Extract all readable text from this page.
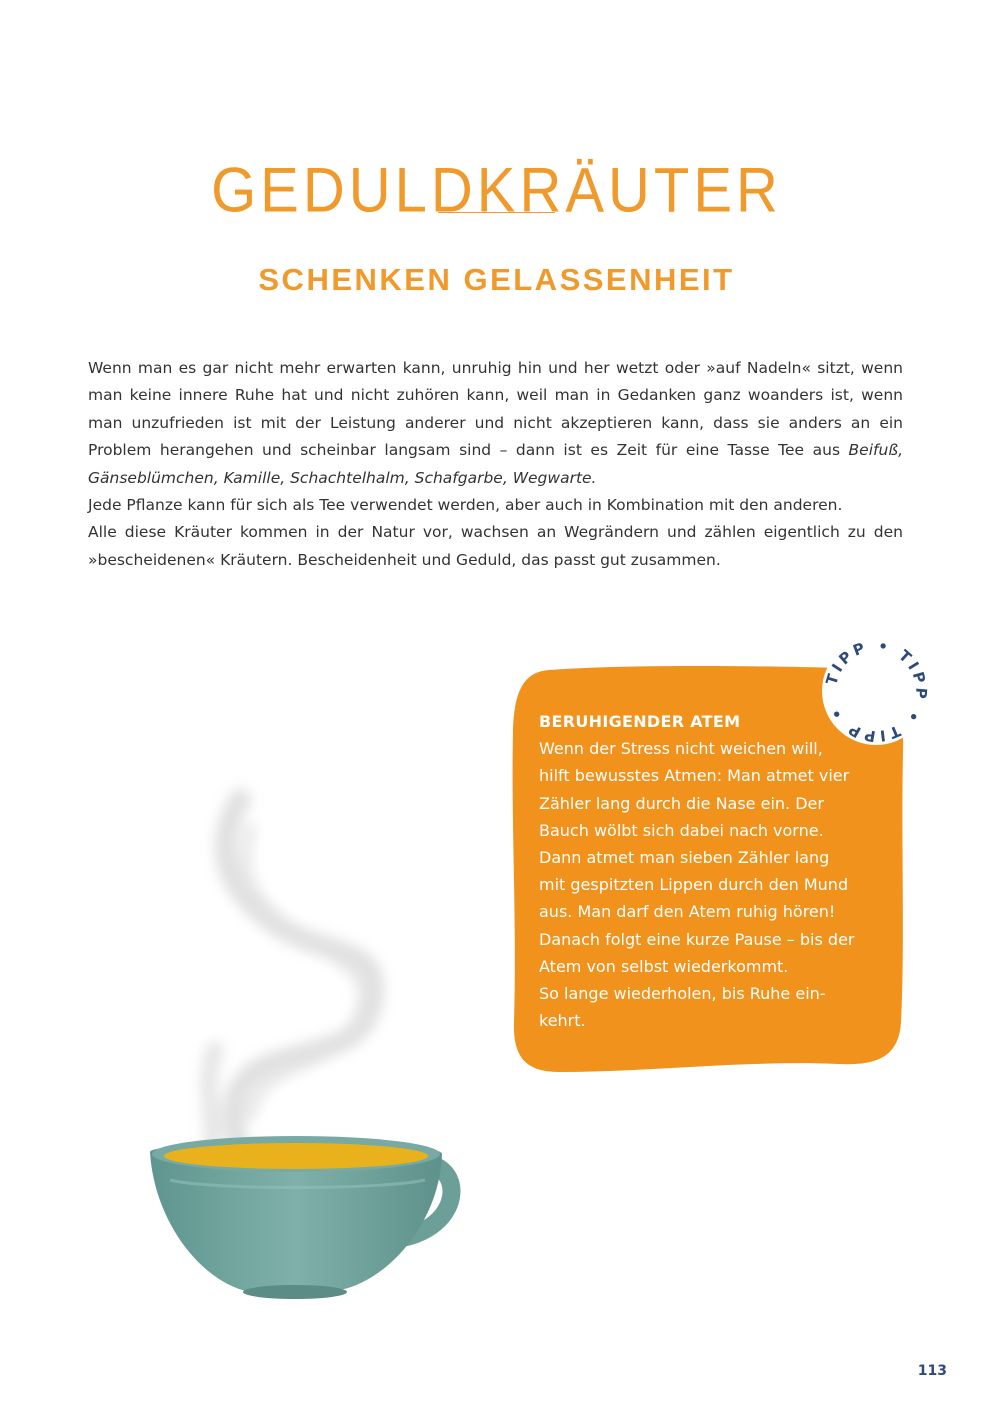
GEDULDKRÄUTER
SCHENKEN GELASSENHEIT

Wenn man es gar nicht mehr erwarten kann, unruhig hin und her wetzt oder »auf Nadeln« sitzt, wenn man keine innere Ruhe hat und nicht zuhören kann, weil man in Gedanken ganz woanders ist, wenn man unzufrieden ist mit der Leistung anderer und nicht akzeptieren kann, dass sie anders an ein Problem herangehen und scheinbar langsam sind – dann ist es Zeit für eine Tasse Tee aus Beifuß, Gänseblümchen, Kamille, Schachtelhalm, Schafgarbe, Wegwarte.

Jede Pflanze kann für sich als Tee verwendet werden, aber auch in Kombination mit den anderen.

Alle diese Kräuter kommen in der Natur vor, wachsen an Wegrändern und zählen eigentlich zu den »bescheidenen« Kräutern. Bescheidenheit und Geduld, das passt gut zusammen.

BERUHIGENDER ATEM
Wenn der Stress nicht weichen will,
hilft bewusstes Atmen: Man atmet vier
Zähler lang durch die Nase ein. Der
Bauch wölbt sich dabei nach vorne.
Dann atmet man sieben Zähler lang
mit gespitzten Lippen durch den Mund
aus. Man darf den Atem ruhig hören!
Danach folgt eine kurze Pause – bis der
Atem von selbst wiederkommt.
So lange wiederholen, bis Ruhe ein-
kehrt.
TIPP • TIPP • TIPP •
113
